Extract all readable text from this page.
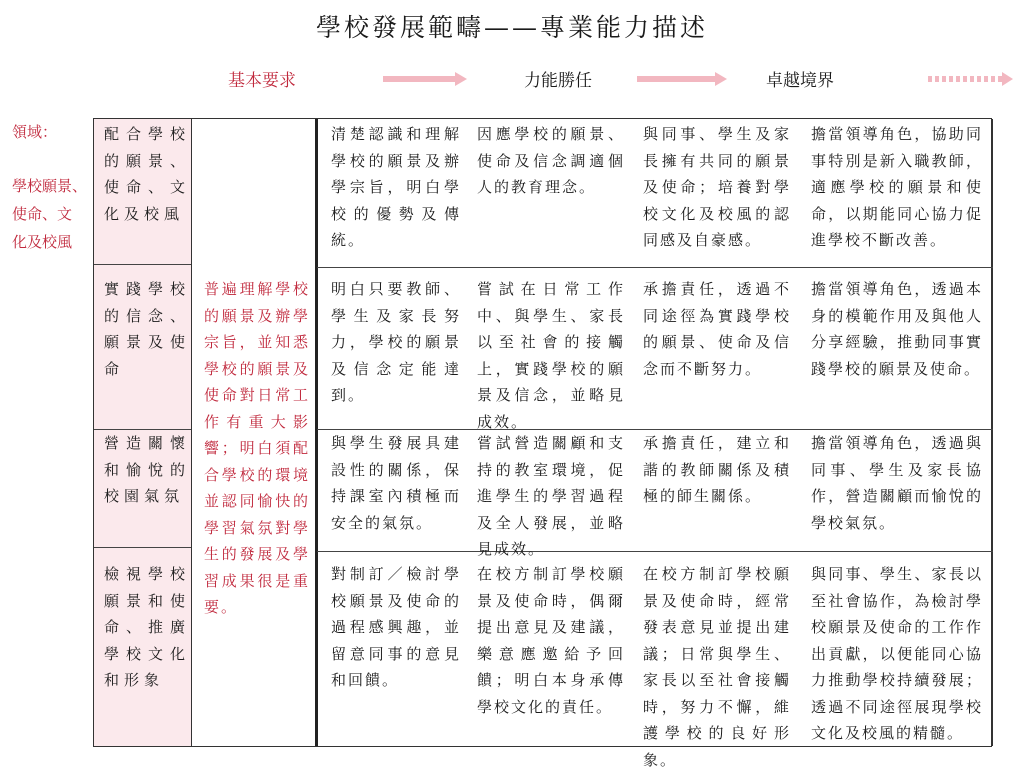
學校發展範疇——專業能力描述
基本要求	力能勝任	卓越境界
領域：
學校願景、
使命、文
化及校風
配合學校的願景、使命、文化及校風
實踐學校的信念、願景及使命
營造關懷和愉悅的校園氣氛
檢視學校願景和使命、推廣學校文化和形象
普遍理解學校的願景及辦學宗旨，並知悉學校的願景及使命對日常工作有重大影響；明白須配合學校的環境並認同愉快的學習氣氛對學生的發展及學習成果很是重要。
清楚認識和理解學校的願景及辦學宗旨，明白學校的優勢及傳統。
因應學校的願景、使命及信念調適個人的教育理念。
與同事、學生及家長擁有共同的願景及使命；培養對學校文化及校風的認同感及自豪感。
擔當領導角色，協助同事特別是新入職教師，適應學校的願景和使命，以期能同心協力促進學校不斷改善。
明白只要教師、學生及家長努力，學校的願景及信念定能達到。
嘗試在日常工作中、與學生、家長以至社會的接觸上，實踐學校的願景及信念，並略見成效。
承擔責任，透過不同途徑為實踐學校的願景、使命及信念而不斷努力。
擔當領導角色，透過本身的模範作用及與他人分享經驗，推動同事實踐學校的願景及使命。
與學生發展具建設性的關係，保持課室內積極而安全的氣氛。
嘗試營造關顧和支持的教室環境，促進學生的學習過程及全人發展，並略見成效。
承擔責任，建立和諧的教師關係及積極的師生關係。
擔當領導角色，透過與同事、學生及家長協作，營造關顧而愉悅的學校氣氛。
對制訂／檢討學校願景及使命的過程感興趣，並留意同事的意見和回饋。
在校方制訂學校願景及使命時，偶爾提出意見及建議，樂意應邀給予回饋；明白本身承傳學校文化的責任。
在校方制訂學校願景及使命時，經常發表意見並提出建議；日常與學生、家長以至社會接觸時，努力不懈，維護學校的良好形象。
與同事、學生、家長以至社會協作，為檢討學校願景及使命的工作作出貢獻，以便能同心協力推動學校持續發展；透過不同途徑展現學校文化及校風的精髓。
